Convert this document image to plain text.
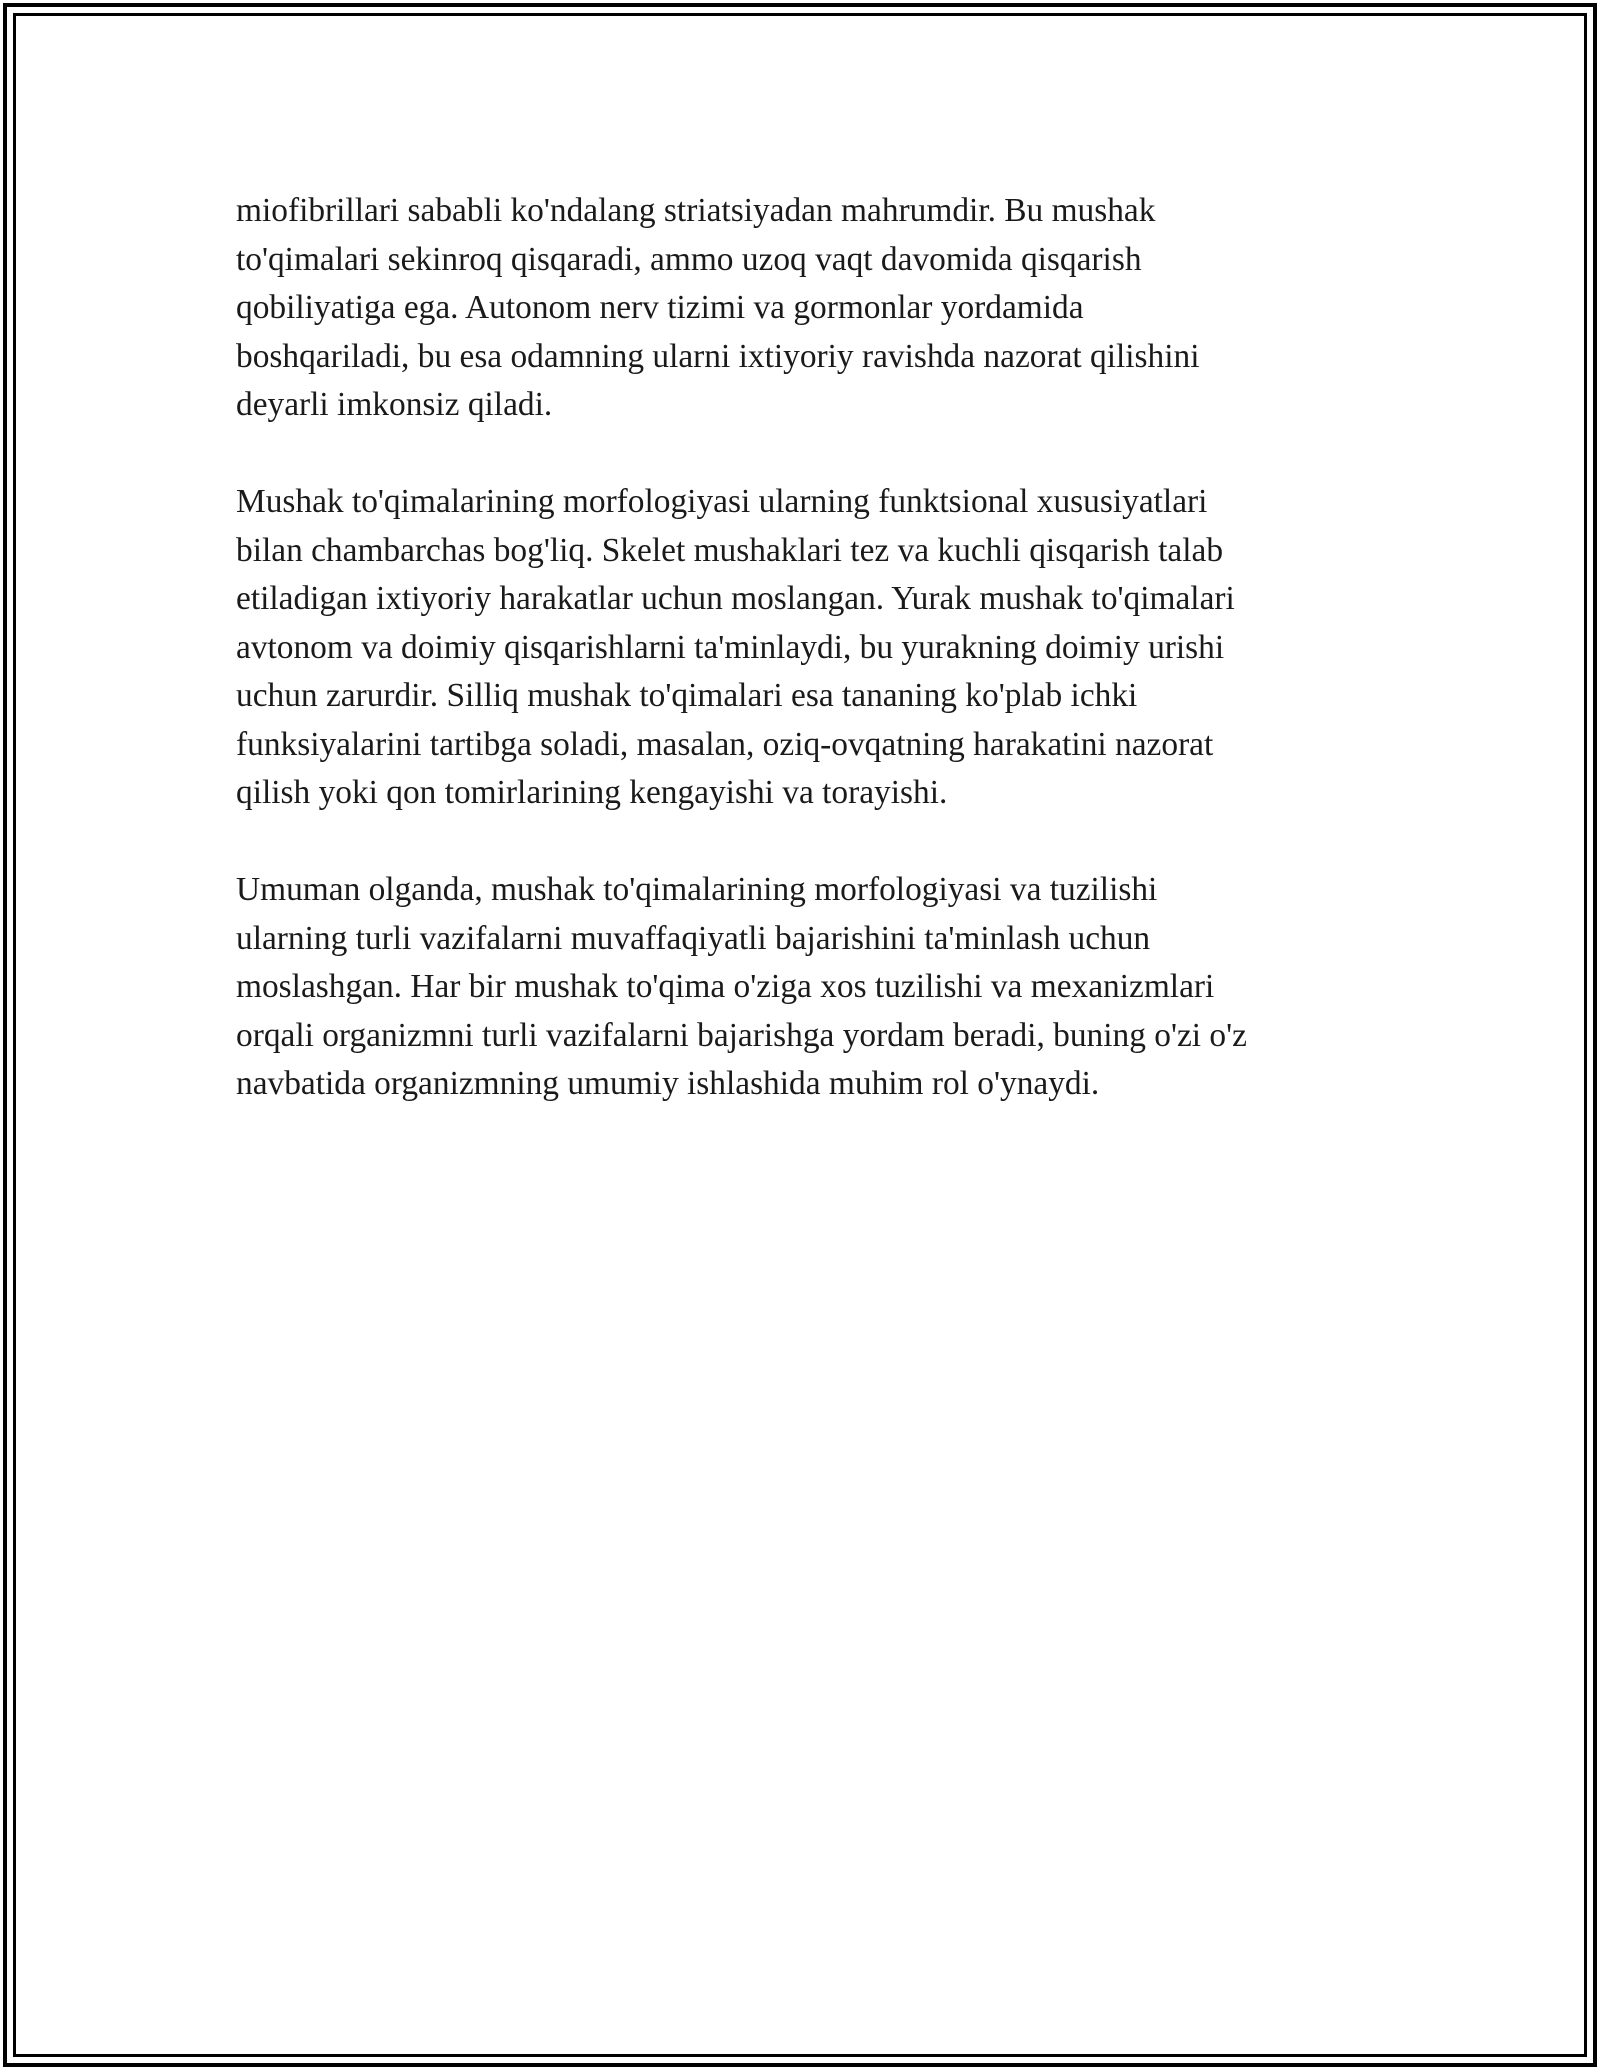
miofibrillari sababli ko'ndalang striatsiyadan mahrumdir. Bu mushak
to'qimalari sekinroq qisqaradi, ammo uzoq vaqt davomida qisqarish
qobiliyatiga ega. Autonom nerv tizimi va gormonlar yordamida
boshqariladi, bu esa odamning ularni ixtiyoriy ravishda nazorat qilishini
deyarli imkonsiz qiladi.

Mushak to'qimalarining morfologiyasi ularning funktsional xususiyatlari
bilan chambarchas bog'liq. Skelet mushaklari tez va kuchli qisqarish talab
etiladigan ixtiyoriy harakatlar uchun moslangan. Yurak mushak to'qimalari
avtonom va doimiy qisqarishlarni ta'minlaydi, bu yurakning doimiy urishi
uchun zarurdir. Silliq mushak to'qimalari esa tananing ko'plab ichki
funksiyalarini tartibga soladi, masalan, oziq-ovqatning harakatini nazorat
qilish yoki qon tomirlarining kengayishi va torayishi.

Umuman olganda, mushak to'qimalarining morfologiyasi va tuzilishi
ularning turli vazifalarni muvaffaqiyatli bajarishini ta'minlash uchun
moslashgan. Har bir mushak to'qima o'ziga xos tuzilishi va mexanizmlari
orqali organizmni turli vazifalarni bajarishga yordam beradi, buning o'zi o'z
navbatida organizmning umumiy ishlashida muhim rol o'ynaydi.
